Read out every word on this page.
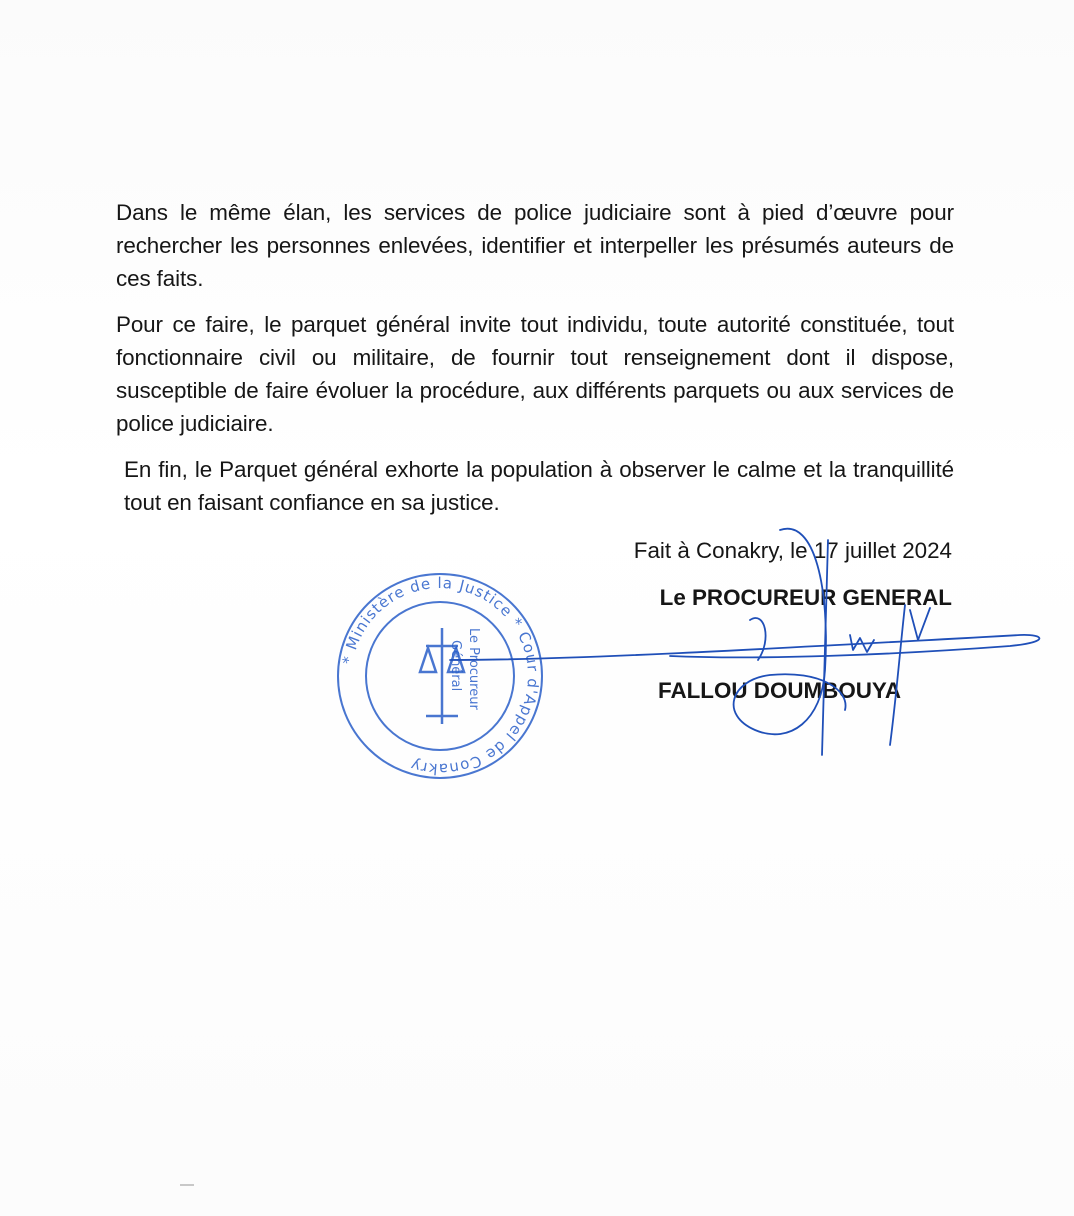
Dans le même élan, les services de police judiciaire sont à pied d’œuvre pour rechercher les personnes enlevées, identifier et interpeller les présumés auteurs de ces faits.

Pour ce faire, le parquet général invite tout individu, toute autorité constituée, tout fonctionnaire civil ou militaire, de fournir tout renseignement dont il dispose, susceptible de faire évoluer la procédure, aux différents parquets ou aux services de police judiciaire.

En fin, le Parquet général exhorte la population à observer le calme et la tranquillité tout en faisant confiance en sa justice.

Fait à Conakry, le 17 juillet 2024
Le PROCUREUR GENERAL
FALLOU DOUMBOUYA
* Ministère de la Justice * Cour d'Appel de Conakry
Le Procureur
Général
